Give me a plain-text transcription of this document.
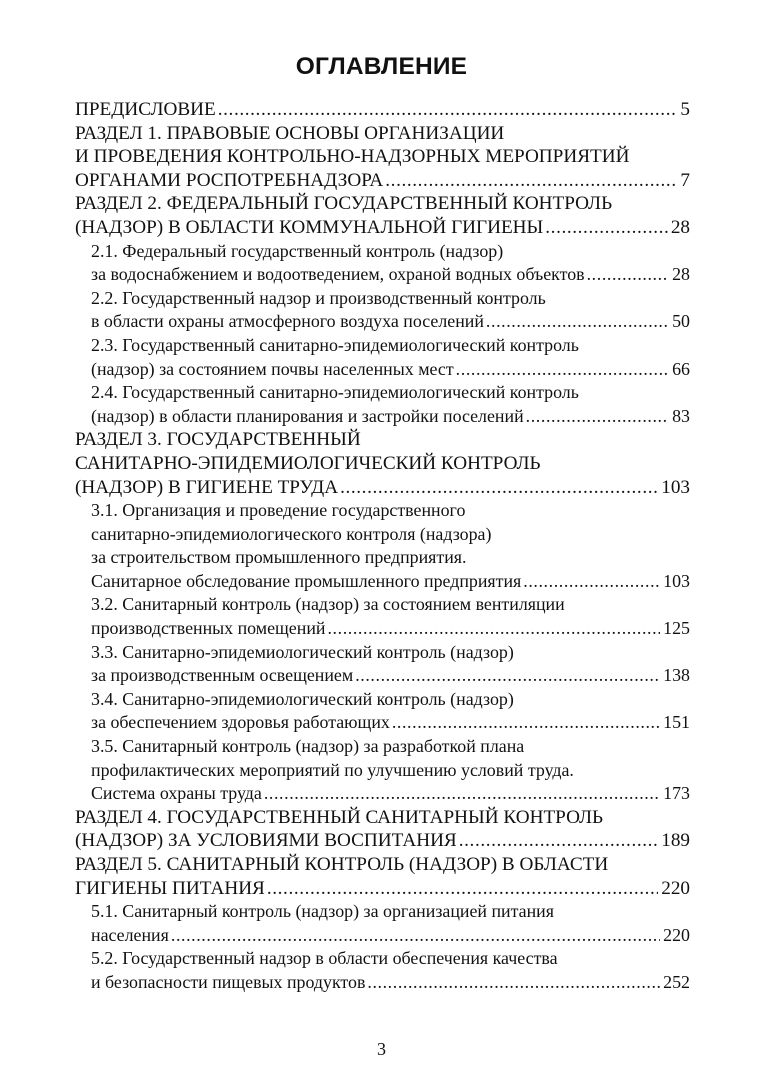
ОГЛАВЛЕНИЕ
ПРЕДИСЛОВИЕ .....	5
РАЗДЕЛ 1. ПРАВОВЫЕ ОСНОВЫ ОРГАНИЗАЦИИ
И ПРОВЕДЕНИЯ КОНТРОЛЬНО-НАДЗОРНЫХ МЕРОПРИЯТИЙ
ОРГАНАМИ РОСПОТРЕБНАДЗОРА .....	7
РАЗДЕЛ 2. ФЕДЕРАЛЬНЫЙ ГОСУДАРСТВЕННЫЙ КОНТРОЛЬ
(НАДЗОР) В ОБЛАСТИ КОММУНАЛЬНОЙ ГИГИЕНЫ .....	28
2.1. Федеральный государственный контроль (надзор)
за водоснабжением и водоотведением, охраной водных объектов .....	28
2.2. Государственный надзор и производственный контроль
в области охраны атмосферного воздуха поселений .....	50
2.3. Государственный санитарно-эпидемиологический контроль
(надзор) за состоянием почвы населенных мест .....	66
2.4. Государственный санитарно-эпидемиологический контроль
(надзор) в области планирования и застройки поселений .....	83
РАЗДЕЛ 3. ГОСУДАРСТВЕННЫЙ
САНИТАРНО-ЭПИДЕМИОЛОГИЧЕСКИЙ КОНТРОЛЬ
(НАДЗОР) В ГИГИЕНЕ ТРУДА .....	103
3.1. Организация и проведение государственного
санитарно-эпидемиологического контроля (надзора)
за строительством промышленного предприятия.
Санитарное обследование промышленного предприятия .....	103
3.2. Санитарный контроль (надзор) за состоянием вентиляции
производственных помещений .....	125
3.3. Санитарно-эпидемиологический контроль (надзор)
за производственным освещением .....	138
3.4. Санитарно-эпидемиологический контроль (надзор)
за обеспечением здоровья работающих .....	151
3.5. Санитарный контроль (надзор) за разработкой плана
профилактических мероприятий по улучшению условий труда.
Система охраны труда .....	173
РАЗДЕЛ 4. ГОСУДАРСТВЕННЫЙ САНИТАРНЫЙ КОНТРОЛЬ
(НАДЗОР) ЗА УСЛОВИЯМИ ВОСПИТАНИЯ .....	189
РАЗДЕЛ 5. САНИТАРНЫЙ КОНТРОЛЬ (НАДЗОР) В ОБЛАСТИ
ГИГИЕНЫ ПИТАНИЯ .....	220
5.1. Санитарный контроль (надзор) за организацией питания
населения .....	220
5.2. Государственный надзор в области обеспечения качества
и безопасности пищевых продуктов .....	252
3
